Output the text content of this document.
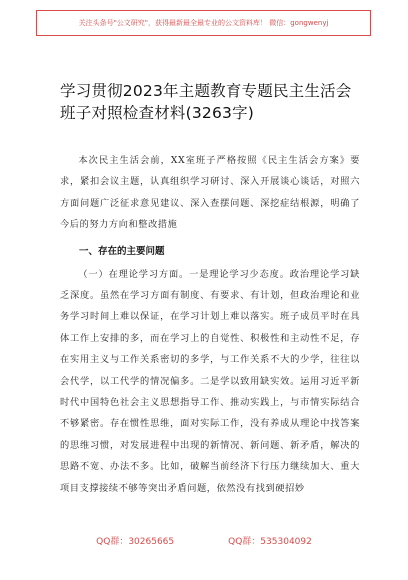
关注头条号"公文研究"，获得最新最全最专业的公文资料库！ 微信：gongwenyj
学习贯彻2023年主题教育专题民主生活会
班子对照检查材料(3263字)

本次民主生活会前，XX室班子严格按照《民主生活会方案》要求，紧扣会议主题，认真组织学习研讨、深入开展谈心谈话，对照六方面问题广泛征求意见建议、深入查摆问题、深挖症结根源，明确了今后的努力方向和整改措施

一、存在的主要问题

（一）在理论学习方面。一是理论学习少态度。政治理论学习缺乏深度。虽然在学习方面有制度、有要求、有计划，但政治理论和业务学习时间上难以保证，在学习计划上难以落实。班子成员平时在具体工作上安排的多，而在学习上的自觉性、积极性和主动性不足，存在实用主义与工作关系密切的多学，与工作关系不大的少学，往往以会代学，以工代学的情况偏多。二是学以致用缺实效。运用习近平新时代中国特色社会主义思想指导工作、推动实践上，与市情实际结合不够紧密。存在惯性思维，面对实际工作，没有养成从理论中找答案的思维习惯，对发展进程中出现的新情况、新问题、新矛盾，解决的思路不宽、办法不多。比如，破解当前经济下行压力继续加大、重大项目支撑接续不够等突出矛盾问题，依然没有找到硬招妙

QQ群：30265665	QQ群：535304092
